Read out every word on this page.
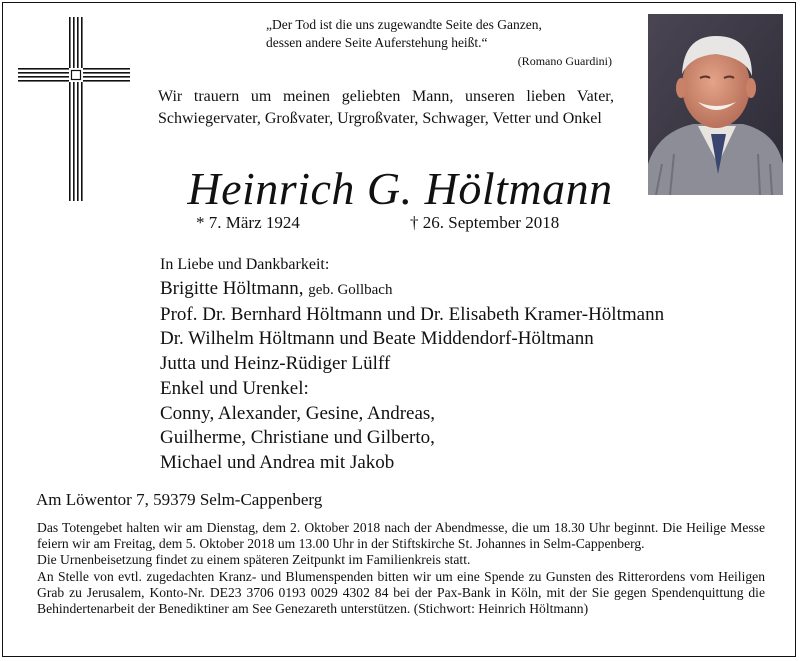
„Der Tod ist die uns zugewandte Seite des Ganzen,
dessen andere Seite Auferstehung heißt.“
(Romano Guardini)
Wir trauern um meinen geliebten Mann, unseren lieben Vater, Schwiegervater, Großvater, Urgroßvater, Schwager, Vetter und Onkel
Heinrich G. Höltmann
* 7. März 1924	† 26. September 2018
In Liebe und Dankbarkeit:
Brigitte Höltmann, geb. Gollbach
Prof. Dr. Bernhard Höltmann und Dr. Elisabeth Kramer-Höltmann
Dr. Wilhelm Höltmann und Beate Middendorf-Höltmann
Jutta und Heinz-Rüdiger Lülff
Enkel und Urenkel:
Conny, Alexander, Gesine, Andreas,
Guilherme, Christiane und Gilberto,
Michael und Andrea mit Jakob
Am Löwentor 7, 59379 Selm-Cappenberg
Das Totengebet halten wir am Dienstag, dem 2. Oktober 2018 nach der Abendmesse, die um 18.30 Uhr beginnt. Die Heilige Messe feiern wir am Freitag, dem 5. Oktober 2018 um 13.00 Uhr in der Stiftskirche St. Johannes in Selm-Cappenberg.
Die Urnenbeisetzung findet zu einem späteren Zeitpunkt im Familienkreis statt.
An Stelle von evtl. zugedachten Kranz- und Blumenspenden bitten wir um eine Spende zu Gunsten des Ritterordens vom Heiligen Grab zu Jerusalem, Konto-Nr. DE23 3706 0193 0029 4302 84 bei der Pax-Bank in Köln, mit der Sie gegen Spendenquittung die Behindertenarbeit der Benediktiner am See Genezareth unterstützen. (Stichwort: Heinrich Höltmann)
